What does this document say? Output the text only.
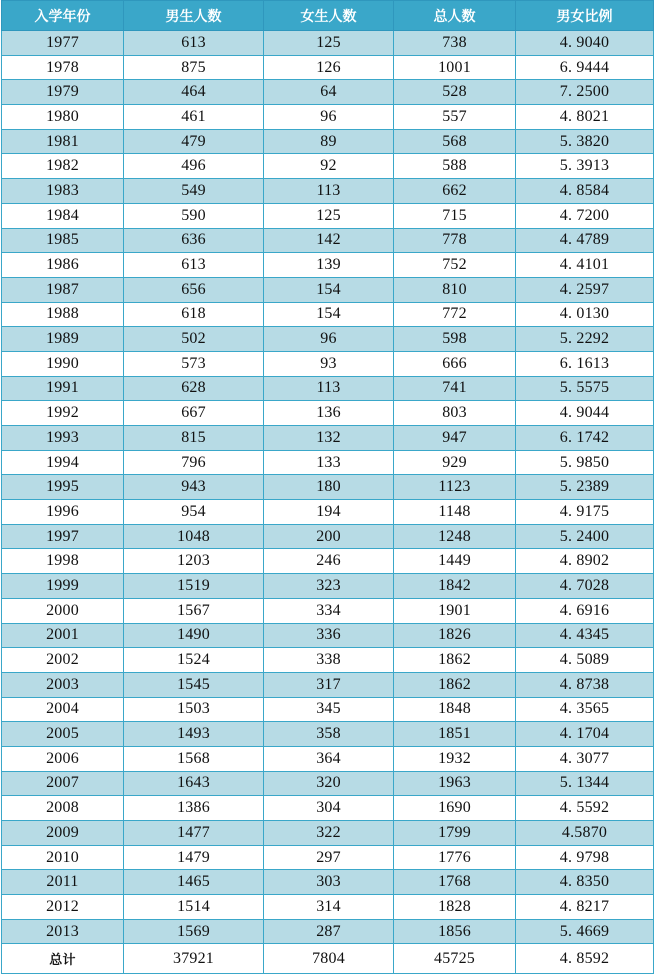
入学年份	男生人数	女生人数	总人数	男女比例
1977	613	125	738	4. 9040
1978	875	126	1001	6. 9444
1979	464	64	528	7. 2500
1980	461	96	557	4. 8021
1981	479	89	568	5. 3820
1982	496	92	588	5. 3913
1983	549	113	662	4. 8584
1984	590	125	715	4. 7200
1985	636	142	778	4. 4789
1986	613	139	752	4. 4101
1987	656	154	810	4. 2597
1988	618	154	772	4. 0130
1989	502	96	598	5. 2292
1990	573	93	666	6. 1613
1991	628	113	741	5. 5575
1992	667	136	803	4. 9044
1993	815	132	947	6. 1742
1994	796	133	929	5. 9850
1995	943	180	1123	5. 2389
1996	954	194	1148	4. 9175
1997	1048	200	1248	5. 2400
1998	1203	246	1449	4. 8902
1999	1519	323	1842	4. 7028
2000	1567	334	1901	4. 6916
2001	1490	336	1826	4. 4345
2002	1524	338	1862	4. 5089
2003	1545	317	1862	4. 8738
2004	1503	345	1848	4. 3565
2005	1493	358	1851	4. 1704
2006	1568	364	1932	4. 3077
2007	1643	320	1963	5. 1344
2008	1386	304	1690	4. 5592
2009	1477	322	1799	4.5870
2010	1479	297	1776	4. 9798
2011	1465	303	1768	4. 8350
2012	1514	314	1828	4. 8217
2013	1569	287	1856	5. 4669
总计	37921	7804	45725	4. 8592
